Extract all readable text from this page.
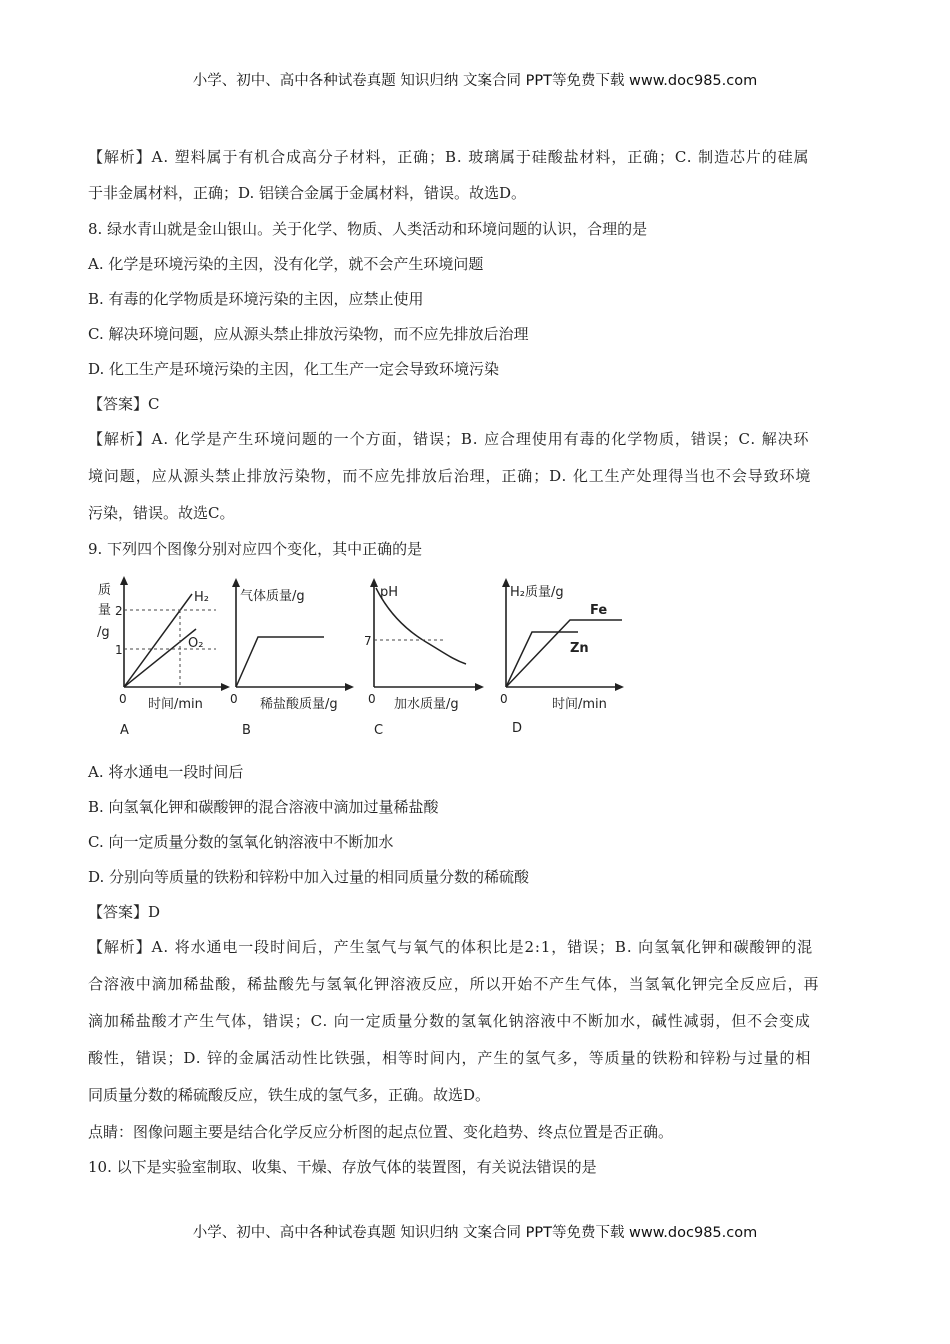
小学、初中、高中各种试卷真题 知识归纳 文案合同 PPT等免费下载 www.doc985.com
【解析】A. 塑料属于有机合成高分子材料，正确；B. 玻璃属于硅酸盐材料，正确；C. 制造芯片的硅属
于非金属材料，正确；D. 铝镁合金属于金属材料，错误。故选D。
8. 绿水青山就是金山银山。关于化学、物质、人类活动和环境问题的认识，合理的是
A. 化学是环境污染的主因，没有化学，就不会产生环境问题
B. 有毒的化学物质是环境污染的主因，应禁止使用
C. 解决环境问题，应从源头禁止排放污染物，而不应先排放后治理
D. 化工生产是环境污染的主因，化工生产一定会导致环境污染
【答案】C
【解析】A. 化学是产生环境问题的一个方面，错误；B. 应合理使用有毒的化学物质，错误；C. 解决环
境问题，应从源头禁止排放污染物，而不应先排放后治理，正确；D. 化工生产处理得当也不会导致环境
污染，错误。故选C。
9. 下列四个图像分别对应四个变化，其中正确的是
质
量
/g
2
1
0
H₂
O₂
时间/min
A
气体质量/g
0 稀盐酸质量/g
B
pH
7
0 加水质量/g
C
H₂质量/g
Fe
Zn
0	时间/min
D
A. 将水通电一段时间后
B. 向氢氧化钾和碳酸钾的混合溶液中滴加过量稀盐酸
C. 向一定质量分数的氢氧化钠溶液中不断加水
D. 分别向等质量的铁粉和锌粉中加入过量的相同质量分数的稀硫酸
【答案】D
【解析】A. 将水通电一段时间后，产生氢气与氧气的体积比是2:1，错误；B. 向氢氧化钾和碳酸钾的混
合溶液中滴加稀盐酸，稀盐酸先与氢氧化钾溶液反应，所以开始不产生气体，当氢氧化钾完全反应后，再
滴加稀盐酸才产生气体，错误；C. 向一定质量分数的氢氧化钠溶液中不断加水，碱性减弱，但不会变成
酸性，错误；D. 锌的金属活动性比铁强，相等时间内，产生的氢气多，等质量的铁粉和锌粉与过量的相
同质量分数的稀硫酸反应，铁生成的氢气多，正确。故选D。
点睛：图像问题主要是结合化学反应分析图的起点位置、变化趋势、终点位置是否正确。
10. 以下是实验室制取、收集、干燥、存放气体的装置图，有关说法错误的是
小学、初中、高中各种试卷真题 知识归纳 文案合同 PPT等免费下载 www.doc985.com
